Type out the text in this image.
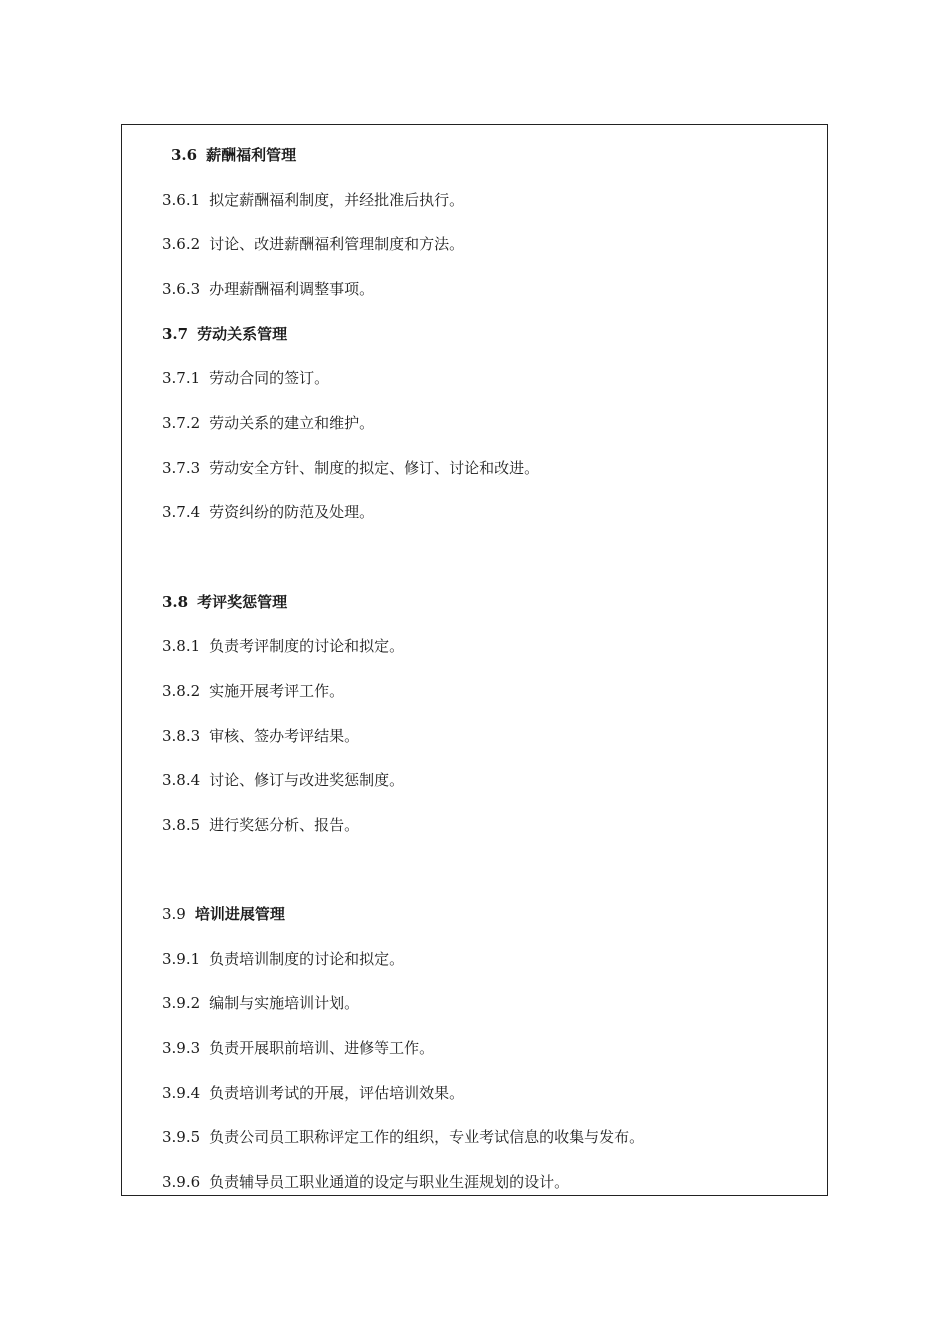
3.6 薪酬福利管理
3.6.1 拟定薪酬福利制度，并经批准后执行。
3.6.2 讨论、改进薪酬福利管理制度和方法。
3.6.3 办理薪酬福利调整事项。
3.7 劳动关系管理
3.7.1 劳动合同的签订。
3.7.2 劳动关系的建立和维护。
3.7.3 劳动安全方针、制度的拟定、修订、讨论和改进。
3.7.4 劳资纠纷的防范及处理。
3.8 考评奖惩管理
3.8.1 负责考评制度的讨论和拟定。
3.8.2 实施开展考评工作。
3.8.3 审核、签办考评结果。
3.8.4 讨论、修订与改进奖惩制度。
3.8.5 进行奖惩分析、报告。
3.9 培训进展管理
3.9.1 负责培训制度的讨论和拟定。
3.9.2 编制与实施培训计划。
3.9.3 负责开展职前培训、进修等工作。
3.9.4 负责培训考试的开展，评估培训效果。
3.9.5 负责公司员工职称评定工作的组织，专业考试信息的收集与发布。
3.9.6 负责辅导员工职业通道的设定与职业生涯规划的设计。
